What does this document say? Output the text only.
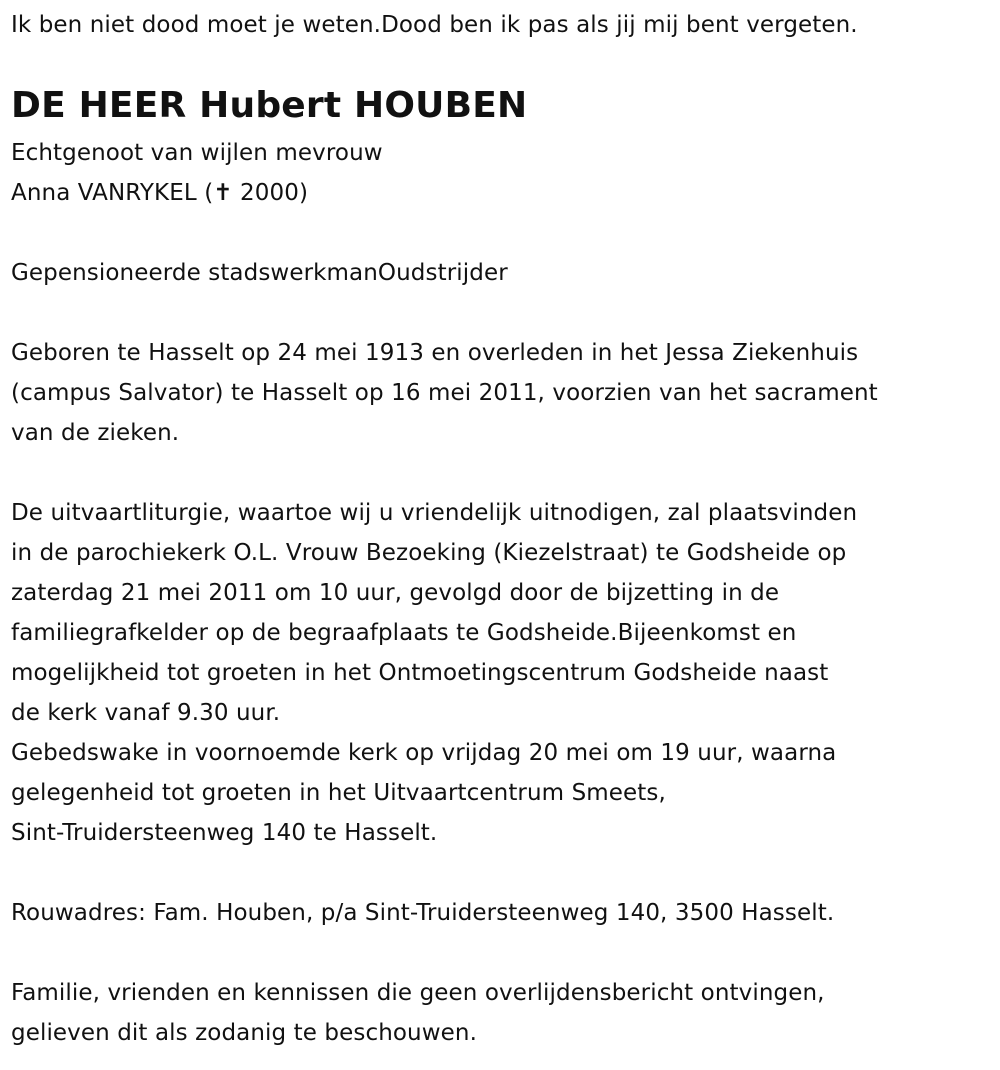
Ik ben niet dood moet je weten.Dood ben ik pas als jij mij bent vergeten.
DE HEER Hubert HOUBEN
Echtgenoot van wijlen mevrouw
Anna VANRYKEL (✝ 2000)
Gepensioneerde stadswerkmanOudstrijder
Geboren te Hasselt op 24 mei 1913 en overleden in het Jessa Ziekenhuis
(campus Salvator) te Hasselt op 16 mei 2011, voorzien van het sacrament
van de zieken.
De uitvaartliturgie, waartoe wij u vriendelijk uitnodigen, zal plaatsvinden
in de parochiekerk O.L. Vrouw Bezoeking (Kiezelstraat) te Godsheide op
zaterdag 21 mei 2011 om 10 uur, gevolgd door de bijzetting in de
familiegrafkelder op de begraafplaats te Godsheide.Bijeenkomst en
mogelijkheid tot groeten in het Ontmoetingscentrum Godsheide naast
de kerk vanaf 9.30 uur.
Gebedswake in voornoemde kerk op vrijdag 20 mei om 19 uur, waarna
gelegenheid tot groeten in het Uitvaartcentrum Smeets,
Sint-Truidersteenweg 140 te Hasselt.
Rouwadres: Fam. Houben, p/a Sint-Truidersteenweg 140, 3500 Hasselt.
Familie, vrienden en kennissen die geen overlijdensbericht ontvingen,
gelieven dit als zodanig te beschouwen.
